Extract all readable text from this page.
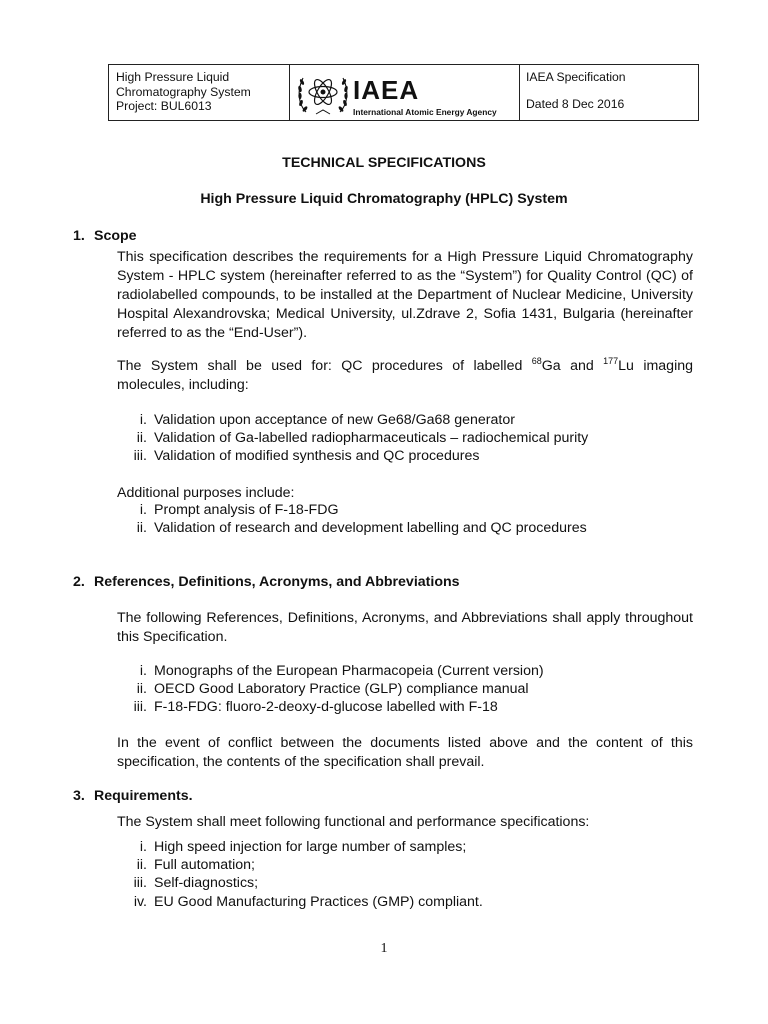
High Pressure Liquid
Chromatography System
Project: BUL6013
IAEA
International Atomic Energy Agency
IAEA Specification
Dated 8 Dec 2016
TECHNICAL SPECIFICATIONS
High Pressure Liquid Chromatography (HPLC) System
1. Scope
This specification describes the requirements for a High Pressure Liquid Chromatography System - HPLC system (hereinafter referred to as the “System”) for Quality Control (QC) of radiolabelled compounds, to be installed at the Department of Nuclear Medicine, University Hospital Alexandrovska; Medical University, ul.Zdrave 2, Sofia 1431, Bulgaria (hereinafter referred to as the “End-User”).
The System shall be used for: QC procedures of labelled $^{68}$Ga and $^{177}$Lu imaging molecules, including:
i. Validation upon acceptance of new Ge68/Ga68 generator
ii. Validation of Ga-labelled radiopharmaceuticals – radiochemical purity
iii. Validation of modified synthesis and QC procedures
Additional purposes include:
i. Prompt analysis of F-18-FDG
ii. Validation of research and development labelling and QC procedures
2. References, Definitions, Acronyms, and Abbreviations
The following References, Definitions, Acronyms, and Abbreviations shall apply throughout this Specification.
i. Monographs of the European Pharmacopeia (Current version)
ii. OECD Good Laboratory Practice (GLP) compliance manual
iii. F-18-FDG: fluoro-2-deoxy-d-glucose labelled with F-18
In the event of conflict between the documents listed above and the content of this specification, the contents of the specification shall prevail.
3. Requirements.
The System shall meet following functional and performance specifications:
i. High speed injection for large number of samples;
ii. Full automation;
iii. Self-diagnostics;
iv. EU Good Manufacturing Practices (GMP) compliant.
1
